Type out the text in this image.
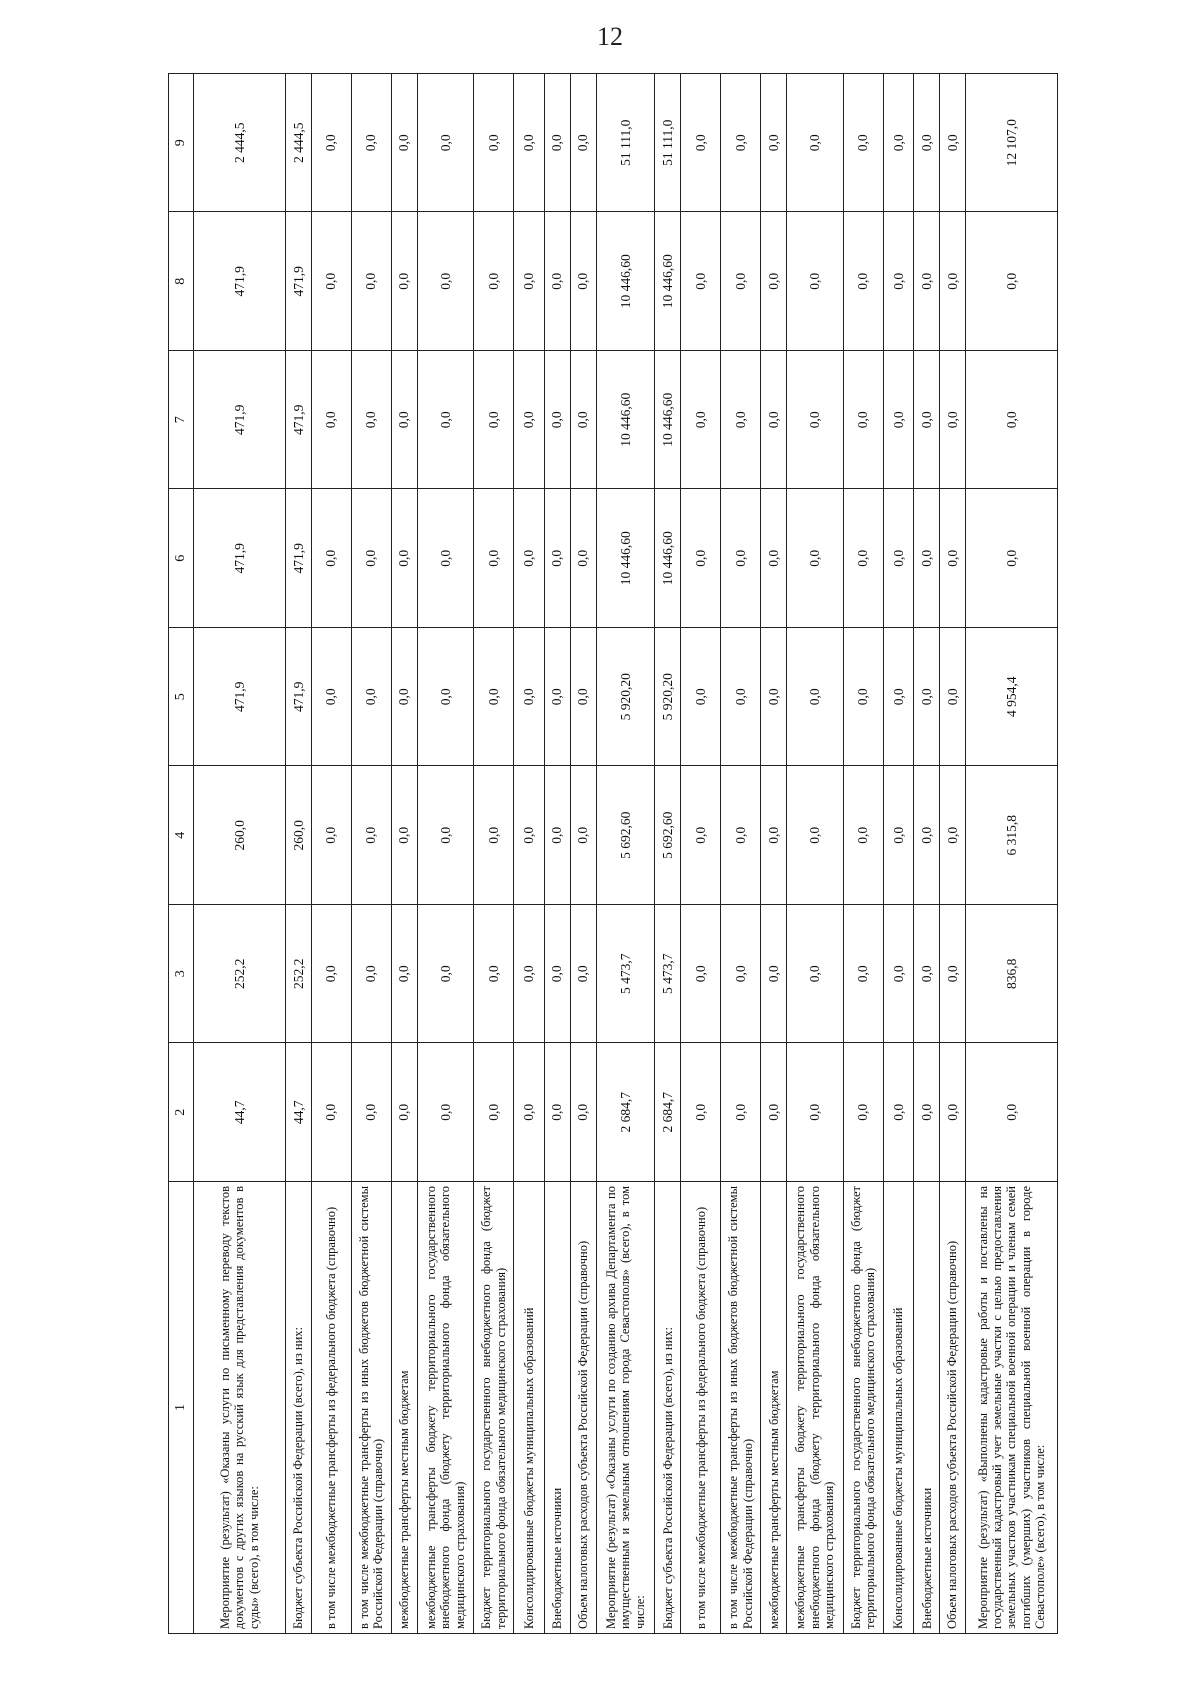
12
1	2	3	4	5	6	7	8	9
Мероприятие (результат) «Оказаны услуги по письменному переводу текстов документов с других языков на русский язык для представления документов в суды» (всего), в том числе:	44,7	252,2	260,0	471,9	471,9	471,9	471,9	2 444,5
Бюджет субъекта Российской Федерации (всего), из них:	44,7	252,2	260,0	471,9	471,9	471,9	471,9	2 444,5
в том числе межбюджетные трансферты из федерального бюджета (справочно)	0,0	0,0	0,0	0,0	0,0	0,0	0,0	0,0
в том числе межбюджетные трансферты из иных бюджетов бюджетной системы Российской Федерации (справочно)	0,0	0,0	0,0	0,0	0,0	0,0	0,0	0,0
межбюджетные трансферты местным бюджетам	0,0	0,0	0,0	0,0	0,0	0,0	0,0	0,0
межбюджетные трансферты бюджету территориального государственного внебюджетного фонда (бюджету территориального фонда обязательного медицинского страхования)	0,0	0,0	0,0	0,0	0,0	0,0	0,0	0,0
Бюджет территориального государственного внебюджетного фонда (бюджет территориального фонда обязательного медицинского страхования)	0,0	0,0	0,0	0,0	0,0	0,0	0,0	0,0
Консолидированные бюджеты муниципальных образований	0,0	0,0	0,0	0,0	0,0	0,0	0,0	0,0
Внебюджетные источники	0,0	0,0	0,0	0,0	0,0	0,0	0,0	0,0
Объем налоговых расходов субъекта Российской Федерации (справочно)	0,0	0,0	0,0	0,0	0,0	0,0	0,0	0,0
Мероприятие (результат) «Оказаны услуги по созданию архива Департамента по имущественным и земельным отношениям города Севастополя» (всего), в том числе:	2 684,7	5 473,7	5 692,60	5 920,20	10 446,60	10 446,60	10 446,60	51 111,0
Бюджет субъекта Российской Федерации (всего), из них:	2 684,7	5 473,7	5 692,60	5 920,20	10 446,60	10 446,60	10 446,60	51 111,0
в том числе межбюджетные трансферты из федерального бюджета (справочно)	0,0	0,0	0,0	0,0	0,0	0,0	0,0	0,0
в том числе межбюджетные трансферты из иных бюджетов бюджетной системы Российской Федерации (справочно)	0,0	0,0	0,0	0,0	0,0	0,0	0,0	0,0
межбюджетные трансферты местным бюджетам	0,0	0,0	0,0	0,0	0,0	0,0	0,0	0,0
межбюджетные трансферты бюджету территориального государственного внебюджетного фонда (бюджету территориального фонда обязательного медицинского страхования)	0,0	0,0	0,0	0,0	0,0	0,0	0,0	0,0
Бюджет территориального государственного внебюджетного фонда (бюджет территориального фонда обязательного медицинского страхования)	0,0	0,0	0,0	0,0	0,0	0,0	0,0	0,0
Консолидированные бюджеты муниципальных образований	0,0	0,0	0,0	0,0	0,0	0,0	0,0	0,0
Внебюджетные источники	0,0	0,0	0,0	0,0	0,0	0,0	0,0	0,0
Объем налоговых расходов субъекта Российской Федерации (справочно)	0,0	0,0	0,0	0,0	0,0	0,0	0,0	0,0
Мероприятие (результат) «Выполнены кадастровые работы и поставлены на государственный кадастровый учет земельные участки с целью предоставления земельных участков участникам специальной военной операции и членам семей погибших (умерших) участников специальной военной операции в городе Севастополе» (всего), в том числе:	0,0	836,8	6 315,8	4 954,4	0,0	0,0	0,0	12 107,0
